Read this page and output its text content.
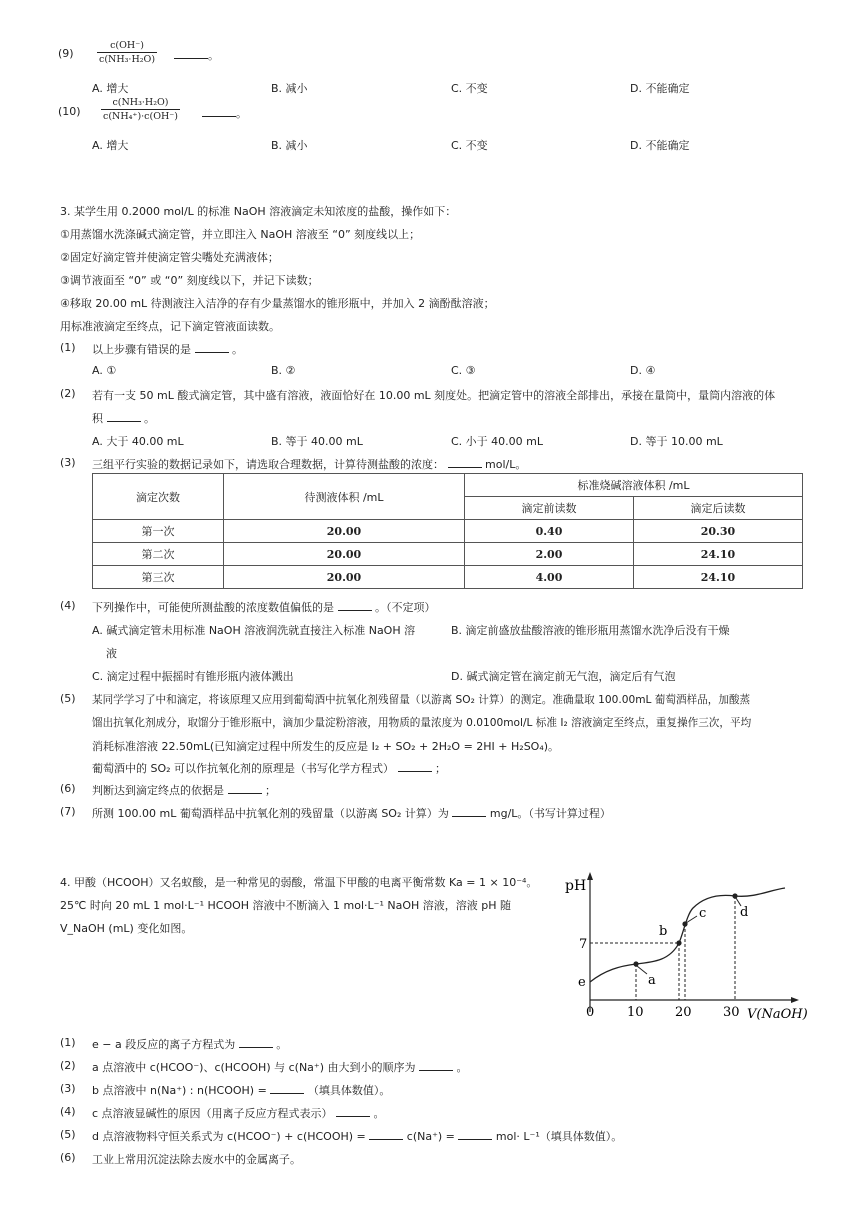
(9)
c(OH⁻)
c(NH₃·H₂O)	。
A. 增大	B. 减小	C. 不变	D. 不能确定
(10)
c(NH₃·H₂O)
c(NH₄⁺)·c(OH⁻)	。
A. 增大	B. 减小	C. 不变	D. 不能确定
3. 某学生用 0.2000 mol/L 的标准 NaOH 溶液滴定未知浓度的盐酸，操作如下：
①用蒸馏水洗涤碱式滴定管，并立即注入 NaOH 溶液至 “0” 刻度线以上；
②固定好滴定管并使滴定管尖嘴处充满液体；
③调节液面至 “0” 或 “0” 刻度线以下，并记下读数；
④移取 20.00 mL 待测液注入洁净的存有少量蒸馏水的锥形瓶中，并加入 2 滴酚酞溶液；
用标准液滴定至终点，记下滴定管液面读数。
(1) 以上步骤有错误的是	。
A. ①	B. ②	C. ③	D. ④
(2) 若有一支 50 mL 酸式滴定管，其中盛有溶液，液面恰好在 10.00 mL 刻度处。把滴定管中的溶液全部排出，承接在量筒中，量筒内溶液的体
积	。
A. 大于 40.00 mL	B. 等于 40.00 mL	C. 小于 40.00 mL	D. 等于 10.00 mL
(3) 三组平行实验的数据记录如下，请选取合理数据，计算待测盐酸的浓度：	mol/L。
滴定次数	待测液体积 /mL	标准烧碱溶液体积 /mL	
		滴定前读数	滴定后读数
第一次	20.00	0.40	20.30
第二次	20.00	2.00	24.10
第三次	20.00	4.00	24.10
(4) 下列操作中，可能使所测盐酸的浓度数值偏低的是	。（不定项）
A. 碱式滴定管未用标准 NaOH 溶液润洗就直接注入标准 NaOH 溶
液
B. 滴定前盛放盐酸溶液的锥形瓶用蒸馏水洗净后没有干燥
C. 滴定过程中振摇时有锥形瓶内液体溅出	D. 碱式滴定管在滴定前无气泡，滴定后有气泡
(5) 某同学学习了中和滴定，将该原理又应用到葡萄酒中抗氧化剂残留量（以游离 SO₂ 计算）的测定。准确量取 100.00mL 葡萄酒样品，加酸蒸
馏出抗氧化剂成分，取馏分于锥形瓶中，滴加少量淀粉溶液，用物质的量浓度为 0.0100mol/L 标准 I₂ 溶液滴定至终点，重复操作三次，平均
消耗标准溶液 22.50mL(已知滴定过程中所发生的反应是 I₂ + SO₂ + 2H₂O = 2HI + H₂SO₄)。
葡萄酒中的 SO₂ 可以作抗氧化剂的原理是（书写化学方程式）	；
(6) 判断达到滴定终点的依据是	；
(7) 所测 100.00 mL 葡萄酒样品中抗氧化剂的残留量（以游离 SO₂ 计算）为	mg/L。（书写计算过程）
4. 甲酸（HCOOH）又名蚁酸，是一种常见的弱酸，常温下甲酸的电离平衡常数 Ka = 1 × 10⁻⁴。
25℃ 时向 20 mL 1 mol·L⁻¹ HCOOH 溶液中不断滴入 1 mol·L⁻¹ NaOH 溶液，溶液 pH 随
V_NaOH (mL) 变化如图。
pH
V(NaOH)
0	10 20 30
7
e	a
b
c	d
(1) e − a 段反应的离子方程式为	。
(2) a 点溶液中 c(HCOO⁻)、c(HCOOH) 与 c(Na⁺) 由大到小的顺序为	。
(3) b 点溶液中 n(Na⁺) : n(HCOOH) =	（填具体数值）。
(4) c 点溶液显碱性的原因（用离子反应方程式表示）	。
(5) d 点溶液物料守恒关系式为 c(HCOO⁻) + c(HCOOH) =	c(Na⁺) =	mol· L⁻¹（填具体数值）。
(6) 工业上常用沉淀法除去废水中的金属离子。
